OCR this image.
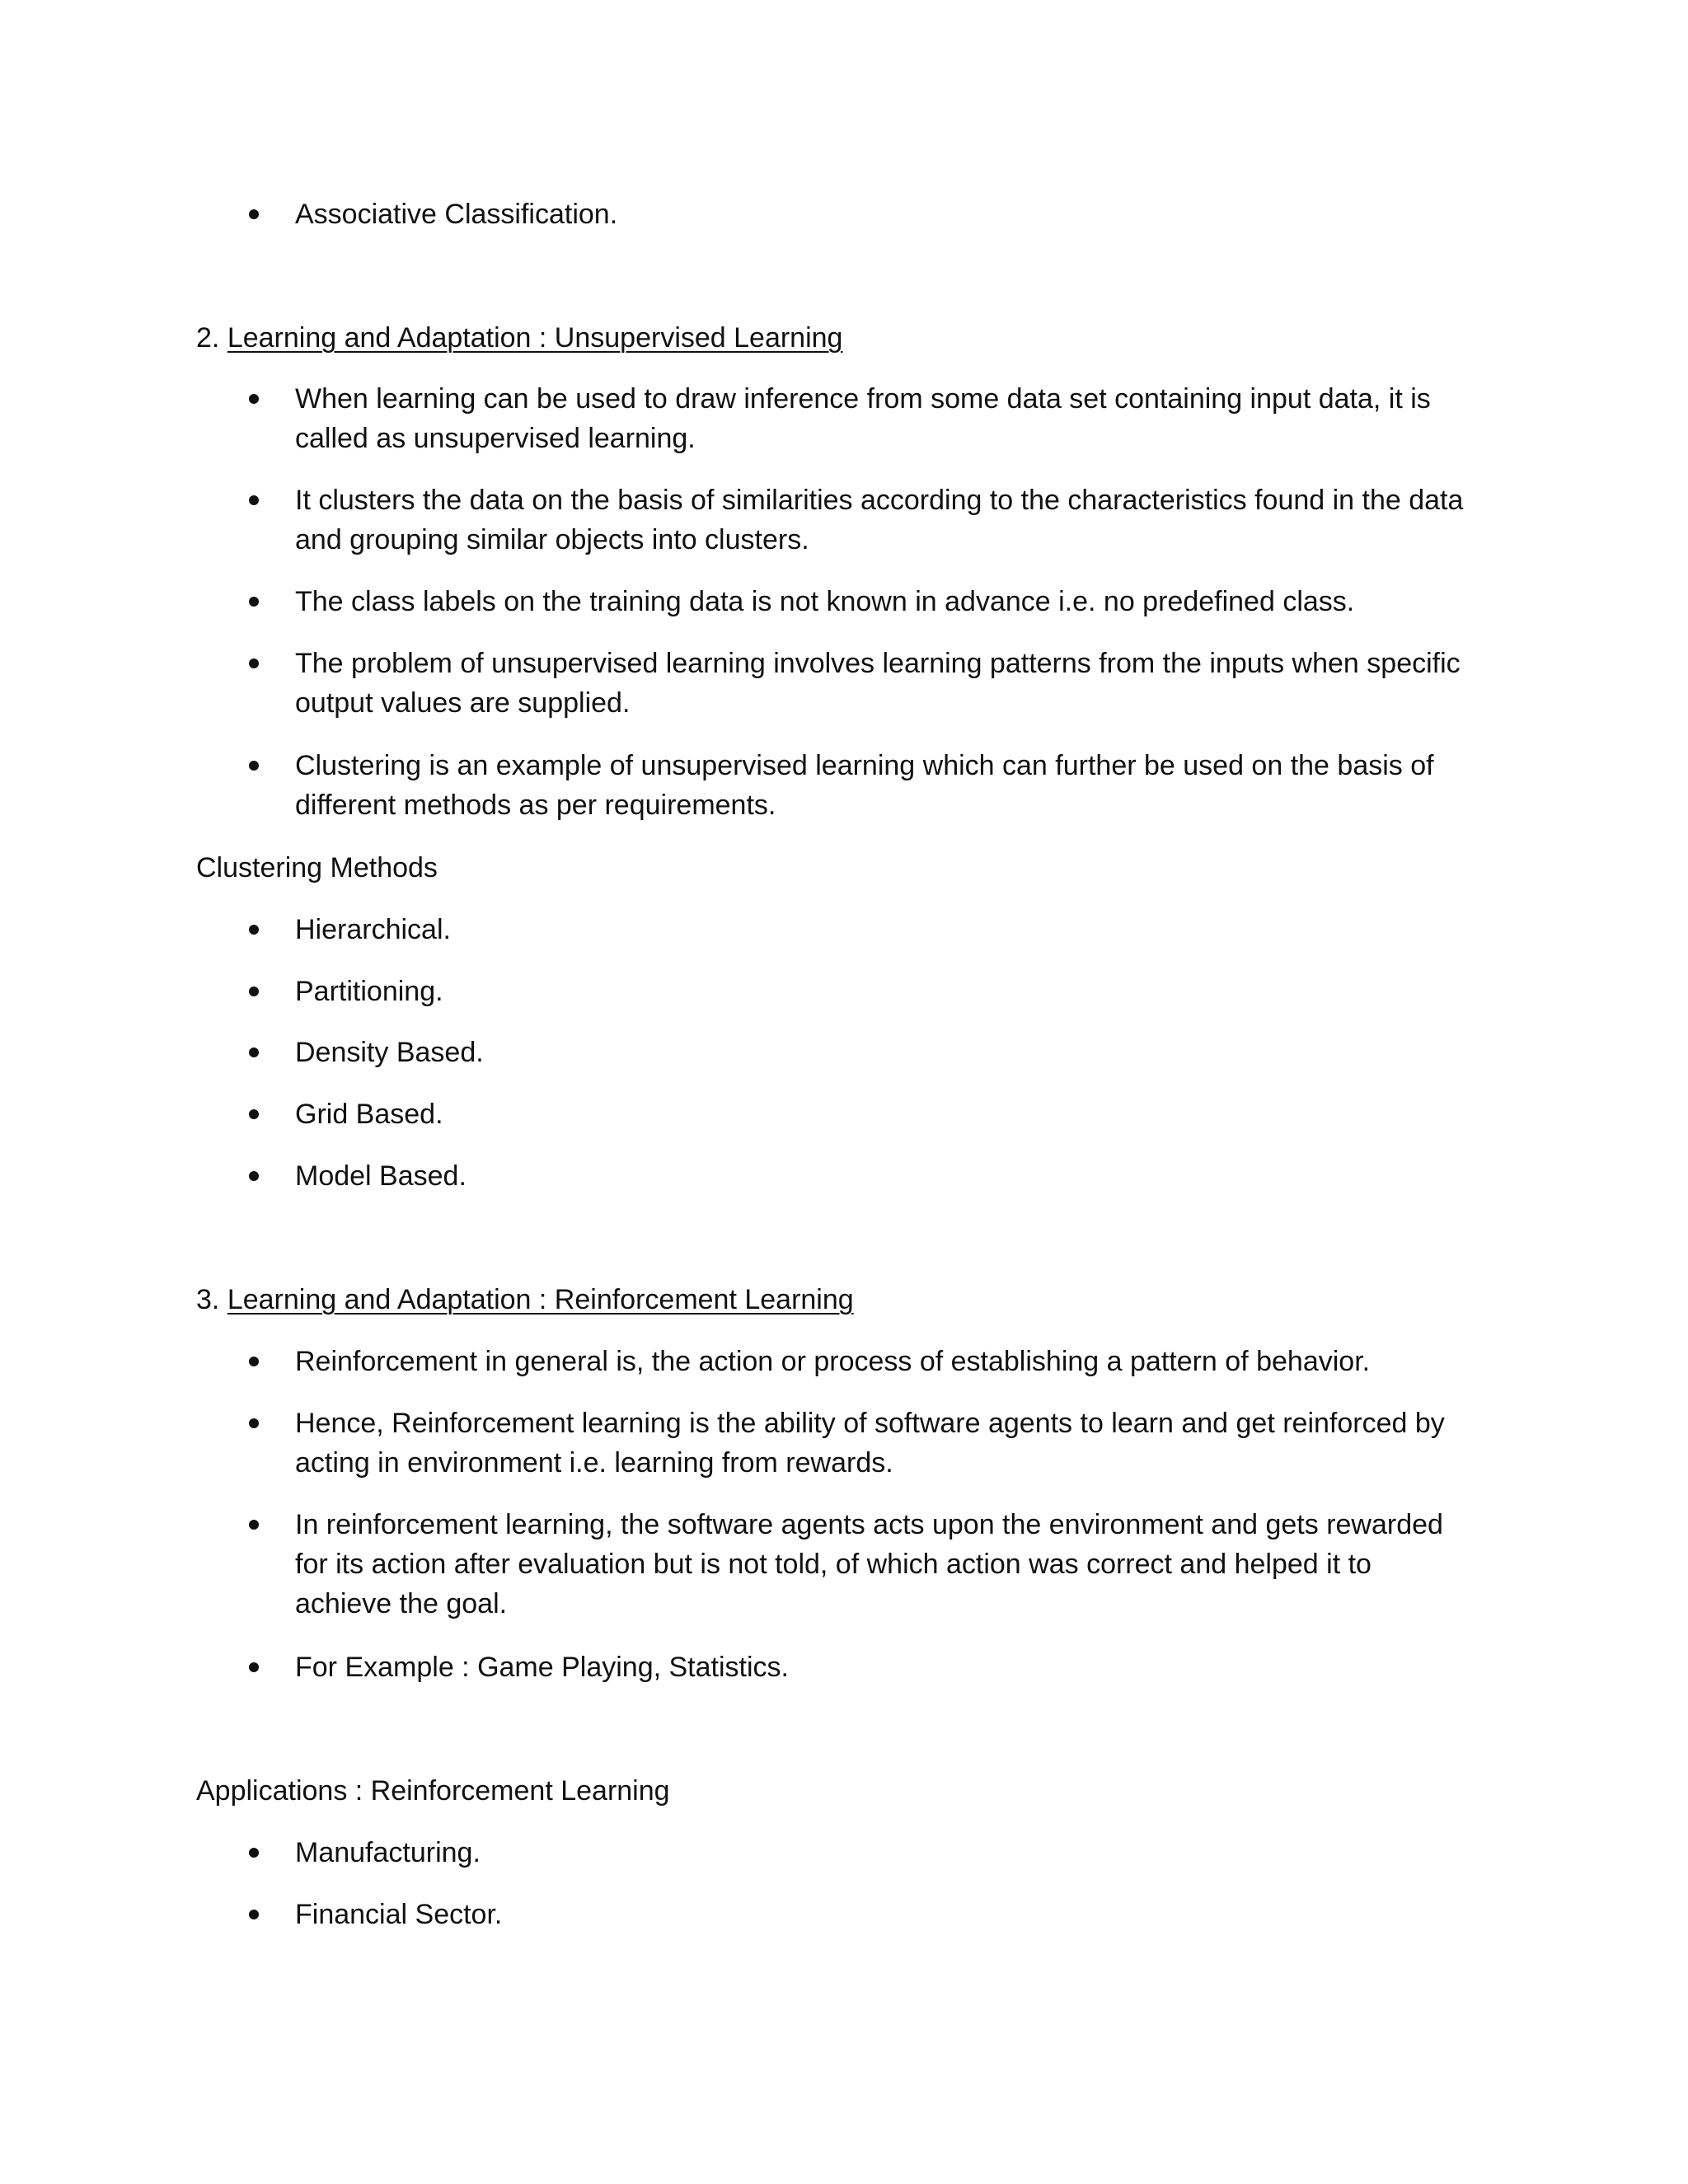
Associative Classification.

2. Learning and Adaptation : Unsupervised Learning

When learning can be used to draw inference from some data set containing input data, it is called as unsupervised learning.

It clusters the data on the basis of similarities according to the characteristics found in the data and grouping similar objects into clusters.

The class labels on the training data is not known in advance i.e. no predefined class.

The problem of unsupervised learning involves learning patterns from the inputs when specific output values are supplied.

Clustering is an example of unsupervised learning which can further be used on the basis of different methods as per requirements.

Clustering Methods

Hierarchical.

Partitioning.

Density Based.

Grid Based.

Model Based.

3. Learning and Adaptation : Reinforcement Learning

Reinforcement in general is, the action or process of establishing a pattern of behavior.

Hence, Reinforcement learning is the ability of software agents to learn and get reinforced by acting in environment i.e. learning from rewards.

In reinforcement learning, the software agents acts upon the environment and gets rewarded for its action after evaluation but is not told, of which action was correct and helped it to achieve the goal.

For Example : Game Playing, Statistics.

Applications : Reinforcement Learning

Manufacturing.

Financial Sector.
